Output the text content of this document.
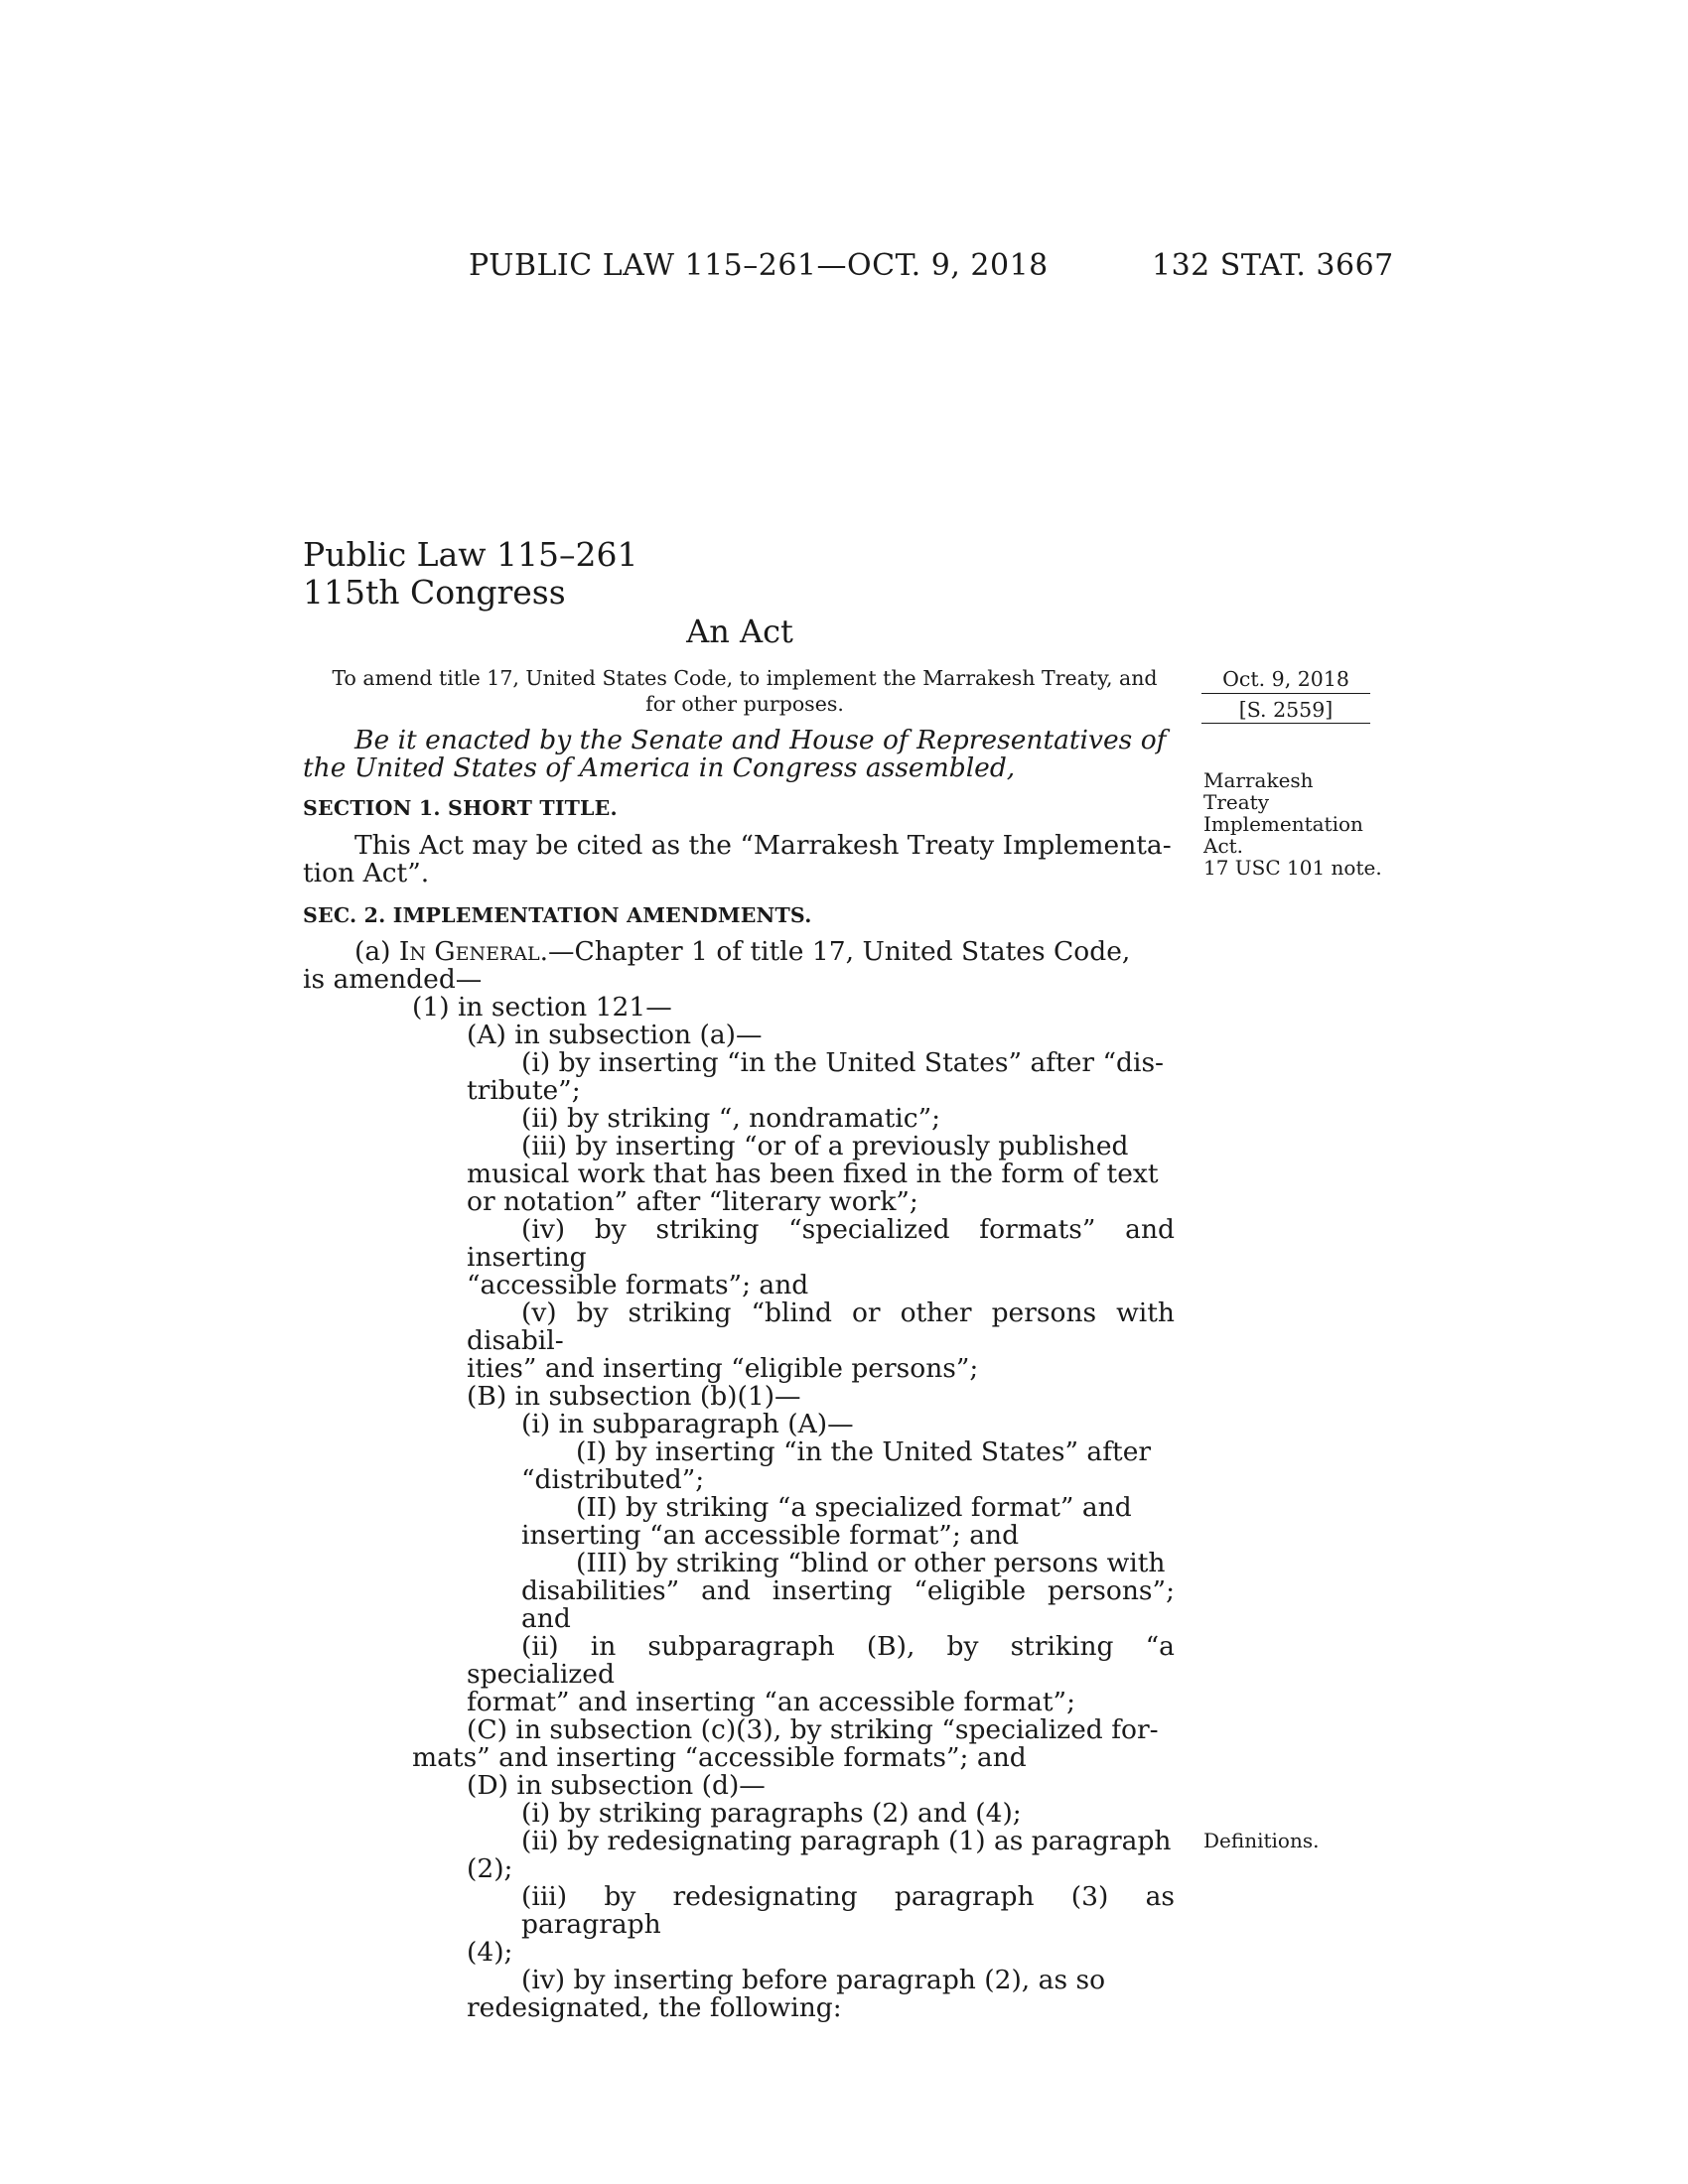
PUBLIC LAW 115–261—OCT. 9, 2018	132 STAT. 3667
Public Law 115–261
115th Congress
An Act
To amend title 17, United States Code, to implement the Marrakesh Treaty, and
for other purposes.
Oct. 9, 2018
[S. 2559]
Marrakesh
Treaty
Implementation
Act.
17 USC 101 note.
Definitions.

Be it enacted by the Senate and House of Representatives of

the United States of America in Congress assembled,

SECTION 1. SHORT TITLE.

This Act may be cited as the “Marrakesh Treaty Implementa-

tion Act”.

SEC. 2. IMPLEMENTATION AMENDMENTS.

(a) In General.—Chapter 1 of title 17, United States Code,

is amended—

(1) in section 121—

(A) in subsection (a)—

(i) by inserting “in the United States” after “dis-

tribute”;

(ii) by striking “, nondramatic”;

(iii) by inserting “or of a previously published

musical work that has been fixed in the form of text

or notation” after “literary work”;

(iv) by striking “specialized formats” and inserting

“accessible formats”; and

(v) by striking “blind or other persons with disabil-

ities” and inserting “eligible persons”;

(B) in subsection (b)(1)—

(i) in subparagraph (A)—

(I) by inserting “in the United States” after

“distributed”;

(II) by striking “a specialized format” and

inserting “an accessible format”; and

(III) by striking “blind or other persons with

disabilities” and inserting “eligible persons”; and

(ii) in subparagraph (B), by striking “a specialized

format” and inserting “an accessible format”;

(C) in subsection (c)(3), by striking “specialized for-

mats” and inserting “accessible formats”; and

(D) in subsection (d)—

(i) by striking paragraphs (2) and (4);

(ii) by redesignating paragraph (1) as paragraph

(2);

(iii) by redesignating paragraph (3) as paragraph

(4);

(iv) by inserting before paragraph (2), as so

redesignated, the following:
